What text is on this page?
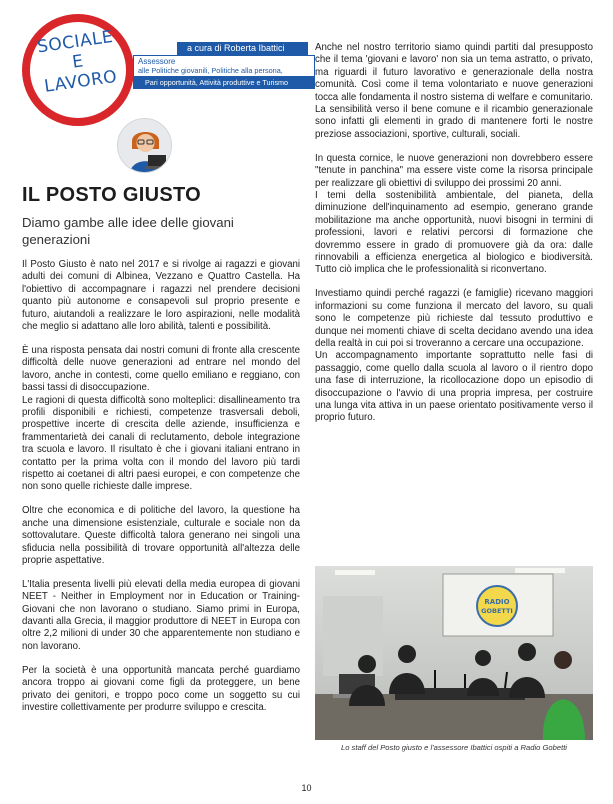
SOCIALE
E
LAVORO
a cura di Roberta Ibattici
Assessore
alle Politiche giovanili, Politiche alla persona,
Pari opportunità, Attività produttive e Turismo
IL POSTO GIUSTO
Diamo gambe alle idee delle giovani generazioni

Il Posto Giusto è nato nel 2017 e si rivolge ai ragazzi e giovani adulti dei comuni di Albinea, Vezzano e Quattro Castella. Ha l'obiettivo di accompagnare i ragazzi nel prendere decisioni quanto più autonome e consapevoli sul proprio presente e futuro, aiutandoli a realizzare le loro aspirazioni, nelle modalità che meglio si adattano alle loro abilità, talenti e possibilità.

È una risposta pensata dai nostri comuni di fronte alla crescente difficoltà delle nuove generazioni ad entrare nel mondo del lavoro, anche in contesti, come quello emiliano e reggiano, con bassi tassi di disoccupazione.

Le ragioni di questa difficoltà sono molteplici: disallineamento tra profili disponibili e richiesti, competenze trasversali deboli, prospettive incerte di crescita delle aziende, insufficienza e frammentarietà dei canali di reclutamento, debole integrazione tra scuola e lavoro. Il risultato è che i giovani italiani entrano in contatto per la prima volta con il mondo del lavoro più tardi rispetto ai coetanei di altri paesi europei, e con competenze che non sono quelle richieste dalle imprese.

Oltre che economica e di politiche del lavoro, la questione ha anche una dimensione esistenziale, culturale e sociale non da sottovalutare. Queste difficoltà talora generano nei singoli una sfiducia nella possibilità di trovare opportunità all'altezza delle proprie aspettative.

L'Italia presenta livelli più elevati della media europea di giovani NEET - Neither in Employment nor in Education or Training- Giovani che non lavorano o studiano. Siamo primi in Europa, davanti alla Grecia, il maggior produttore di NEET in Europa con oltre 2,2 milioni di under 30 che apparentemente non studiano e non lavorano.

Per la società è una opportunità mancata perché guardiamo ancora troppo ai giovani come figli da proteggere, un bene privato dei genitori, e troppo poco come un soggetto su cui investire collettivamente per produrre sviluppo e crescita.

Anche nel nostro territorio siamo quindi partiti dal presupposto che il tema 'giovani e lavoro' non sia un tema astratto, o privato, ma riguardi il futuro lavorativo e generazionale della nostra comunità. Così come il tema volontariato e nuove generazioni tocca alle fondamenta il nostro sistema di welfare e comunitario. La sensibilità verso il bene comune e il ricambio generazionale sono infatti gli elementi in grado di mantenere forti le nostre preziose associazioni, sportive, culturali, sociali.

In questa cornice, le nuove generazioni non dovrebbero essere "tenute in panchina" ma essere viste come la risorsa principale per realizzare gli obiettivi di sviluppo dei prossimi 20 anni.

I temi della sostenibilità ambientale, del pianeta, della diminuzione dell'inquinamento ad esempio, generano grande mobilitazione ma anche opportunità, nuovi bisogni in termini di professioni, lavori e relativi percorsi di formazione che dovremmo essere in grado di promuovere già da ora: dalle rinnovabili a efficienza energetica al biologico e biodiversità. Tutto ciò implica che le professionalità si riconvertano.

Investiamo quindi perché ragazzi (e famiglie) ricevano maggiori informazioni su come funziona il mercato del lavoro, su quali sono le competenze più richieste dal tessuto produttivo e dunque nei momenti chiave di scelta decidano avendo una idea della realtà in cui poi si troveranno a cercare una occupazione.

Un accompagnamento importante soprattutto nelle fasi di passaggio, come quello dalla scuola al lavoro o il rientro dopo una fase di interruzione, la ricollocazione dopo un episodio di disoccupazione o l'avvio di una propria impresa, per costruire una lunga vita attiva in un paese orientato positivamente verso il proprio futuro.

RADIO
GOBETTI
Lo staff del Posto giusto e l'assessore Ibattici ospiti a Radio Gobetti
10
